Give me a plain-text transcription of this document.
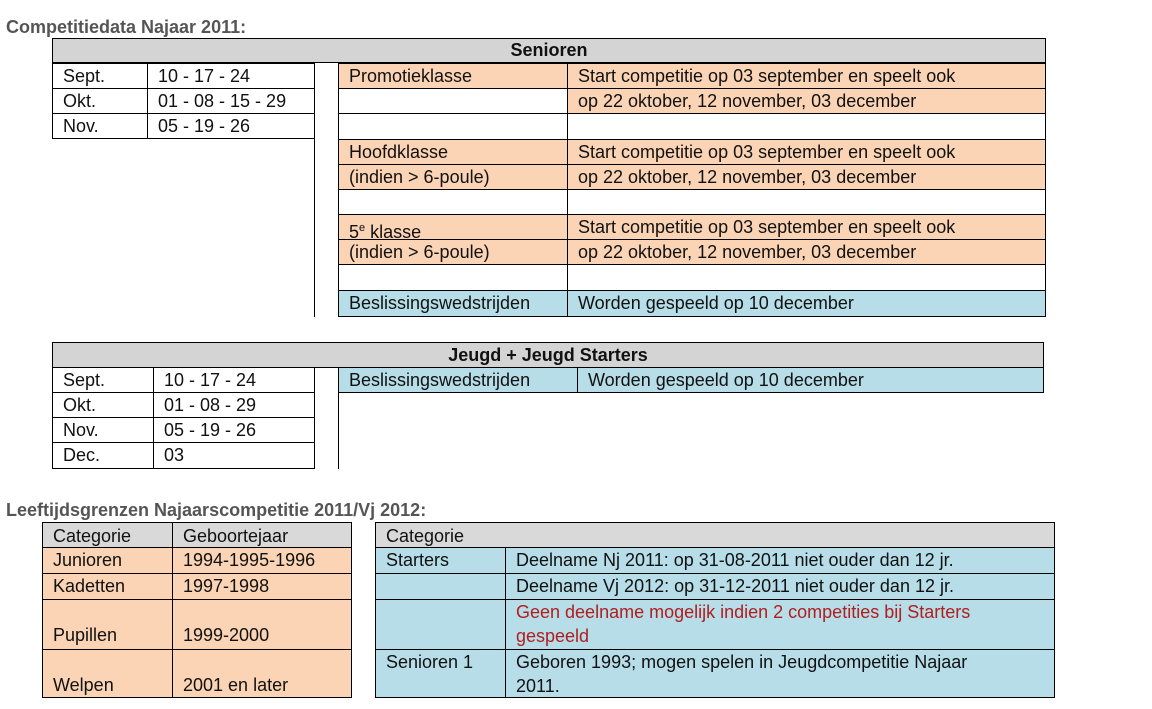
Competitiedata Najaar 2011:
Senioren
Sept.	10 - 17 - 24
Okt.	01 - 08 - 15 - 29
Nov.	05 - 19 - 26
Promotieklasse	Start competitie op 03 september en speelt ook
op 22 oktober, 12 november, 03 december
Hoofdklasse	Start competitie op 03 september en speelt ook
(indien > 6-poule)	op 22 oktober, 12 november, 03 december
5e klasse	Start competitie op 03 september en speelt ook
(indien > 6-poule)	op 22 oktober, 12 november, 03 december
Beslissingswedstrijden	Worden gespeeld op 10 december
Jeugd + Jeugd Starters
Sept.	10 - 17 - 24
Okt.	01 - 08 - 29
Nov.	05 - 19 - 26
Dec.	03
Beslissingswedstrijden	Worden gespeeld op 10 december
Leeftijdsgrenzen Najaarscompetitie 2011/Vj 2012:
Categorie	Geboortejaar
Junioren	1994-1995-1996
Kadetten	1997-1998
Pupillen	1999-2000
Welpen	2001 en later
Categorie
Starters	Deelname Nj 2011: op 31-08-2011 niet ouder dan 12 jr.
Deelname Vj 2012: op 31-12-2011 niet ouder dan 12 jr.
Geen deelname mogelijk indien 2 competities bij Starters
gespeeld
Senioren 1	Geboren 1993; mogen spelen in Jeugdcompetitie Najaar
2011.
